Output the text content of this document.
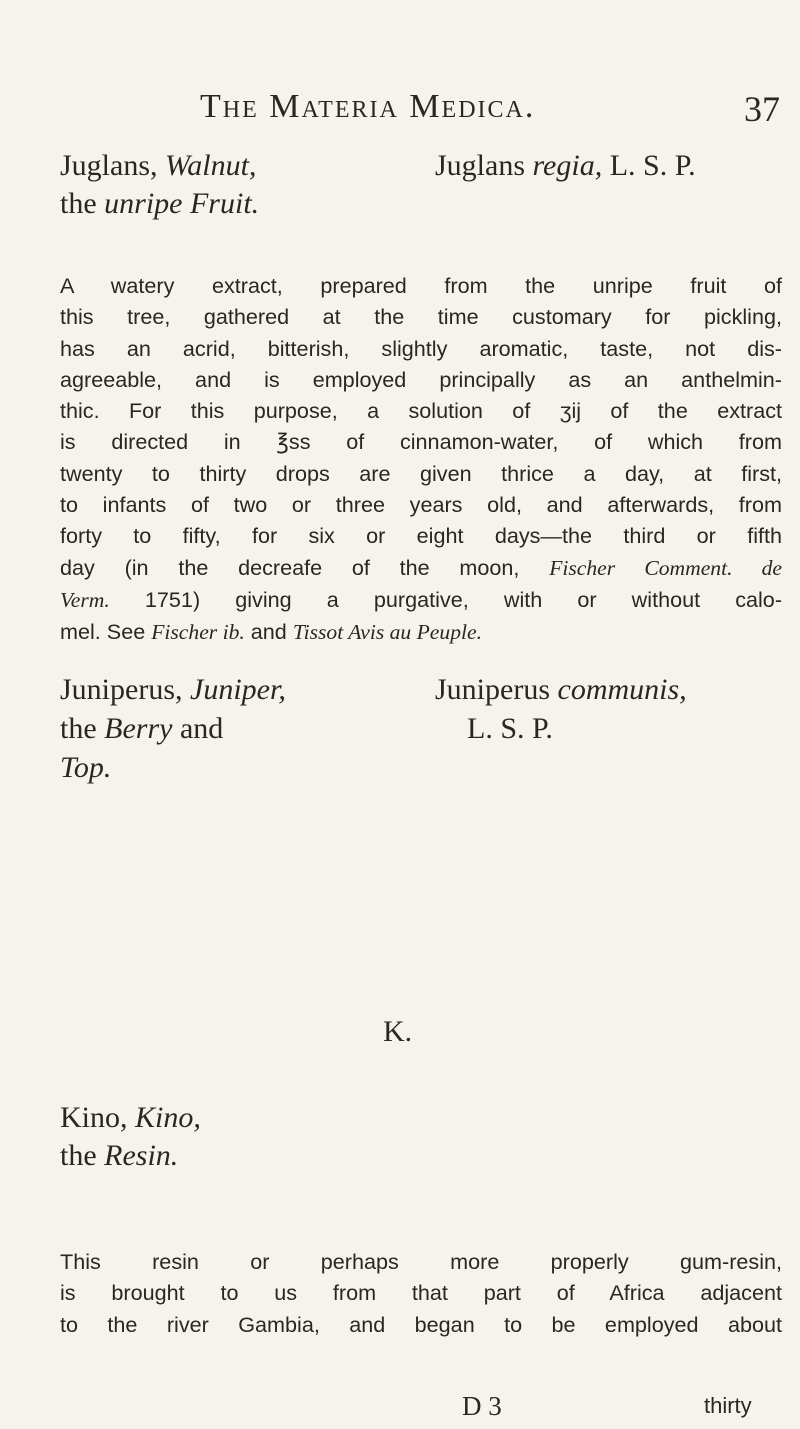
The Materia Medica.	37
Juglans, Walnut,	Juglans regia, L. S. P.
the unripe Fruit.
A watery extract, prepared from the unripe fruit of
this tree, gathered at the time customary for pickling,
has an acrid, bitterish, slightly aromatic, taste, not dis-
agreeable, and is employed principally as an anthelmin-
thic. For this purpose, a solution of ʒij of the extract
is directed in ℥ss of cinnamon-water, of which from
twenty to thirty drops are given thrice a day, at first,
to infants of two or three years old, and afterwards, from
forty to fifty, for six or eight days—the third or fifth
day (in the decreafe of the moon, Fischer Comment. de
Verm. 1751) giving a purgative, with or without calo-
mel. See Fischer ib. and Tissot Avis au Peuple.
Juniperus, Juniper,	Juniperus communis,
the Berry and	L. S. P.
Top.
K.
Kino, Kino,
the Resin.
This resin or perhaps more properly gum-resin,
is brought to us from that part of Africa adjacent
to the river Gambia, and began to be employed about
D 3	thirty
